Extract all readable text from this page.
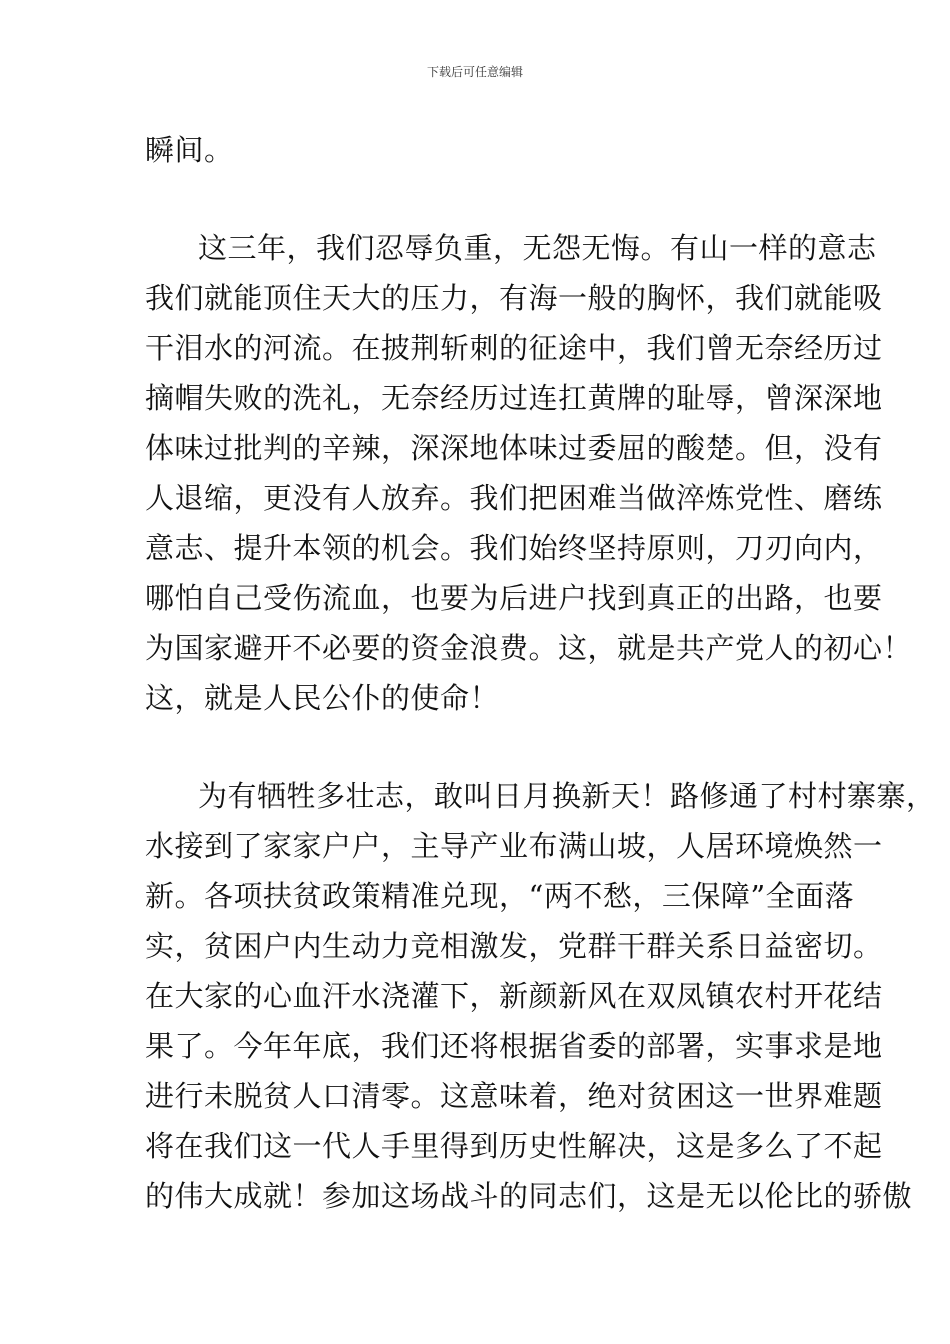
下载后可任意编辑
瞬间。
这三年，我们忍辱负重，无怨无悔。有山一样的意志
我们就能顶住天大的压力，有海一般的胸怀，我们就能吸
干泪水的河流。在披荆斩刺的征途中，我们曾无奈经历过
摘帽失败的洗礼，无奈经历过连扛黄牌的耻辱，曾深深地
体味过批判的辛辣，深深地体味过委屈的酸楚。但，没有
人退缩，更没有人放弃。我们把困难当做淬炼党性、磨练
意志、提升本领的机会。我们始终坚持原则，刀刃向内，
哪怕自己受伤流血，也要为后进户找到真正的出路，也要
为国家避开不必要的资金浪费。这，就是共产党人的初心！
这，就是人民公仆的使命！
为有牺牲多壮志，敢叫日月换新天！路修通了村村寨寨，
水接到了家家户户，主导产业布满山坡，人居环境焕然一
新。各项扶贫政策精准兑现，“两不愁，三保障”全面落
实，贫困户内生动力竞相激发，党群干群关系日益密切。
在大家的心血汗水浇灌下，新颜新风在双凤镇农村开花结
果了。今年年底，我们还将根据省委的部署，实事求是地
进行未脱贫人口清零。这意味着，绝对贫困这一世界难题
将在我们这一代人手里得到历史性解决，这是多么了不起
的伟大成就！参加这场战斗的同志们，这是无以伦比的骄傲
